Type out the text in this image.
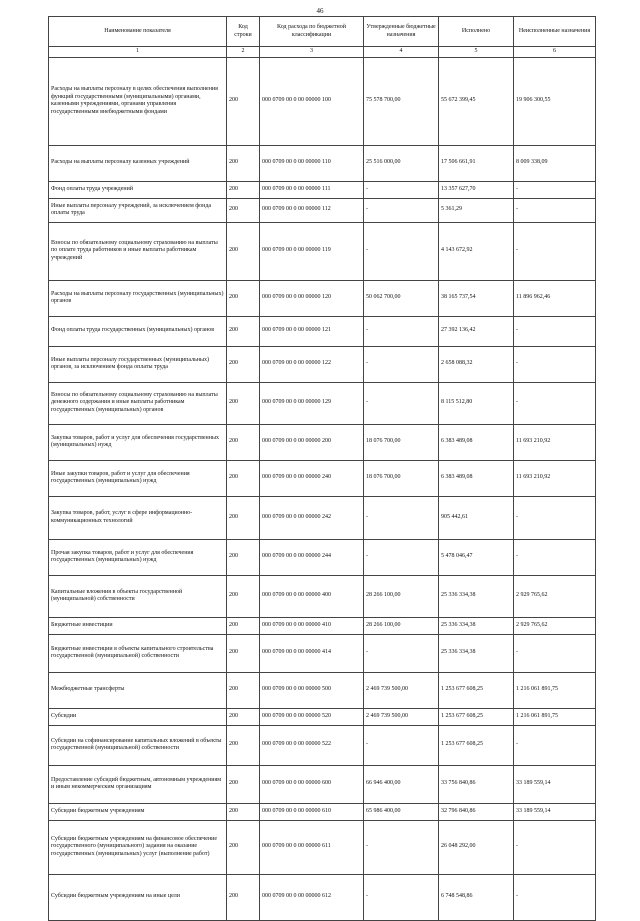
46
Наименование показателя	Код строки	Код расхода по бюджетной классификации	Утвержденные бюджетные назначения	Исполнено	Неисполненные назначения
1	2	3	4	5	6
Расходы на выплаты персоналу в целях обеспечения выполнения функций государственными (муниципальными) органами, казенными учреждениями, органами управления государственными внебюджетными фондами	200	000 0709 00 0 00 00000 100	75 578 700,00	55 672 399,45	19 906 300,55
Расходы на выплаты персоналу казенных учреждений	200	000 0709 00 0 00 00000 110	25 516 000,00	17 506 661,91	8 009 338,09
Фонд оплаты труда учреждений	200	000 0709 00 0 00 00000 111	-	13 357 627,70	-
Иные выплаты персоналу учреждений, за исключением фонда оплаты труда	200	000 0709 00 0 00 00000 112	-	5 361,29	-
Взносы по обязательному социальному страхованию на выплаты по оплате труда работников и иные выплаты работникам учреждений	200	000 0709 00 0 00 00000 119	-	4 143 672,92	-
Расходы на выплаты персоналу государственных (муниципальных) органов	200	000 0709 00 0 00 00000 120	50 062 700,00	38 165 737,54	11 896 962,46
Фонд оплаты труда государственных (муниципальных) органов	200	000 0709 00 0 00 00000 121	-	27 392 136,42	-
Иные выплаты персоналу государственных (муниципальных) органов, за исключением фонда оплаты труда	200	000 0709 00 0 00 00000 122	-	2 658 088,32	-
Взносы по обязательному социальному страхованию на выплаты денежного содержания и иные выплаты работникам государственных (муниципальных) органов	200	000 0709 00 0 00 00000 129	-	8 115 512,80	-
Закупка товаров, работ и услуг для обеспечения государственных (муниципальных) нужд	200	000 0709 00 0 00 00000 200	18 076 700,00	6 383 489,08	11 693 210,92
Иные закупки товаров, работ и услуг для обеспечения государственных (муниципальных) нужд	200	000 0709 00 0 00 00000 240	18 076 700,00	6 383 489,08	11 693 210,92
Закупка товаров, работ, услуг в сфере информационно-коммуникационных технологий	200	000 0709 00 0 00 00000 242	-	905 442,61	-
Прочая закупка товаров, работ и услуг для обеспечения государственных (муниципальных) нужд	200	000 0709 00 0 00 00000 244	-	5 478 046,47	-
Капитальные вложения в объекты государственной (муниципальной) собственности	200	000 0709 00 0 00 00000 400	28 266 100,00	25 336 334,38	2 929 765,62
Бюджетные инвестиции	200	000 0709 00 0 00 00000 410	28 266 100,00	25 336 334,38	2 929 765,62
Бюджетные инвестиции в объекты капитального строительства государственной (муниципальной) собственности	200	000 0709 00 0 00 00000 414	-	25 336 334,38	-
Межбюджетные трансферты	200	000 0709 00 0 00 00000 500	2 469 739 500,00	1 253 677 608,25	1 216 061 891,75
Субсидии	200	000 0709 00 0 00 00000 520	2 469 739 500,00	1 253 677 608,25	1 216 061 891,75
Субсидии на софинансирование капитальных вложений в объекты государственной (муниципальной) собственности	200	000 0709 00 0 00 00000 522	-	1 253 677 608,25	-
Предоставление субсидий бюджетным, автономным учреждениям и иным некоммерческим организациям	200	000 0709 00 0 00 00000 600	66 946 400,00	33 756 840,86	33 189 559,14
Субсидии бюджетным учреждениям	200	000 0709 00 0 00 00000 610	65 986 400,00	32 796 840,86	33 189 559,14
Субсидии бюджетным учреждениям на финансовое обеспечение государственного (муниципального) задания на оказание государственных (муниципальных) услуг (выполнение работ)	200	000 0709 00 0 00 00000 611	-	26 048 292,00	-
Субсидии бюджетным учреждениям на иные цели	200	000 0709 00 0 00 00000 612	-	6 748 548,86	-
